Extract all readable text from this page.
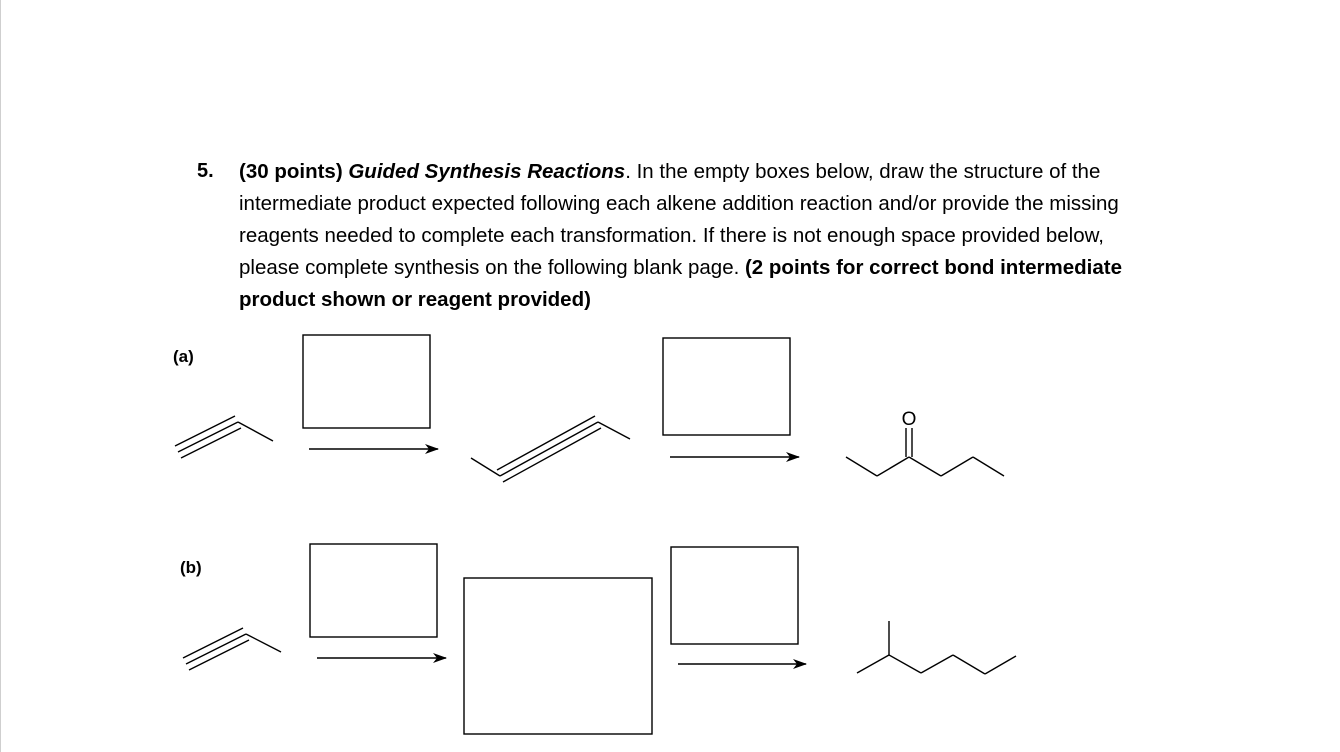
5. (30 points) Guided Synthesis Reactions. In the empty boxes below, draw the structure of the intermediate product expected following each alkene addition reaction and/or provide the missing reagents needed to complete each transformation. If there is not enough space provided below, please complete synthesis on the following blank page. (2 points for correct bond intermediate product shown or reagent provided)

(a)
(b)
O
